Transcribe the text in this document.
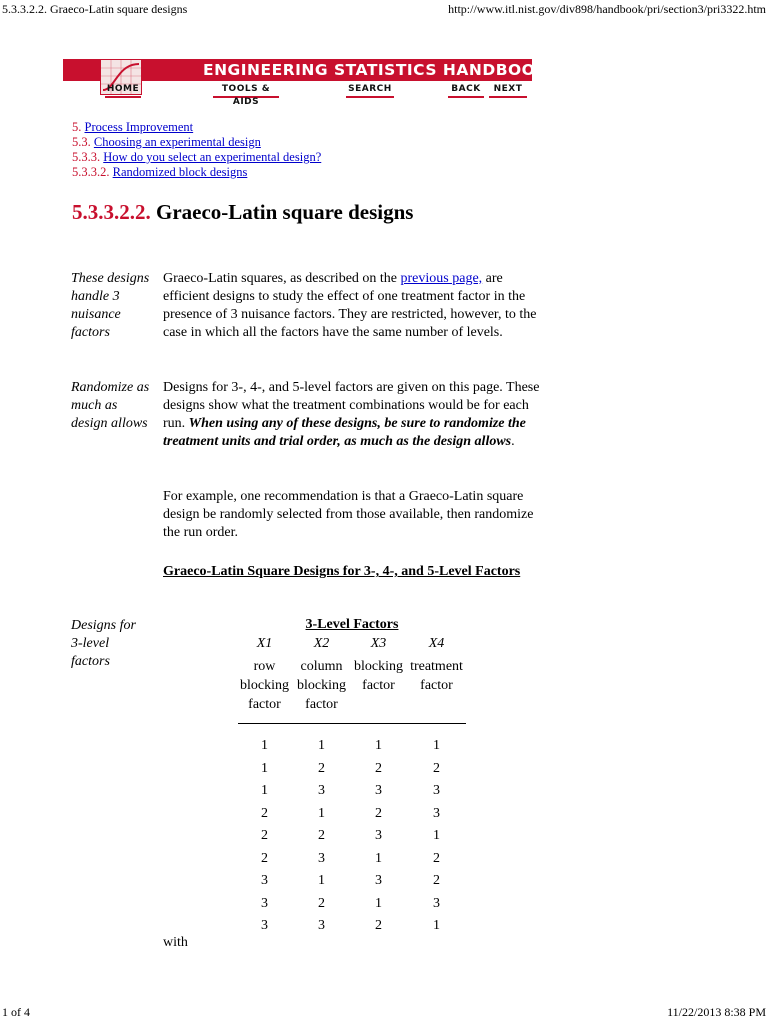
5.3.3.2.2. Graeco-Latin square designs	http://www.itl.nist.gov/div898/handbook/pri/section3/pri3322.htm
ENGINEERING STATISTICS HANDBOOK
HOME	TOOLS & AIDS
SEARCH	BACK	NEXT
5. Process Improvement
5.3. Choosing an experimental design
5.3.3. How do you select an experimental design?
5.3.3.2. Randomized block designs
5.3.3.2.2. Graeco-Latin square designs
These designs handle 3 nuisance factors
Graeco-Latin squares, as described on the previous page, are efficient designs to study the effect of one treatment factor in the presence of 3 nuisance factors. They are restricted, however, to the case in which all the factors have the same number of levels.
Randomize as much as design allows
Designs for 3-, 4-, and 5-level factors are given on this page. These designs show what the treatment combinations would be for each run. When using any of these designs, be sure to randomize the treatment units and trial order, as much as the design allows.
For example, one recommendation is that a Graeco-Latin square design be randomly selected from those available, then randomize the run order.
Graeco-Latin Square Designs for 3-, 4-, and 5-Level Factors
Designs for 3-level factors
3-Level Factors
X1	X2	X3	X4
row
blocking
factor
column
blocking
factor
blocking
factor
treatment
factor
1	1	1	1
1	2	2	2
1	3	3	3
2	1	2	3
2	2	3	1
2	3	1	2
3	1	3	2
3	2	1	3
3	3	2	1
with
1 of 4	11/22/2013 8:38 PM
